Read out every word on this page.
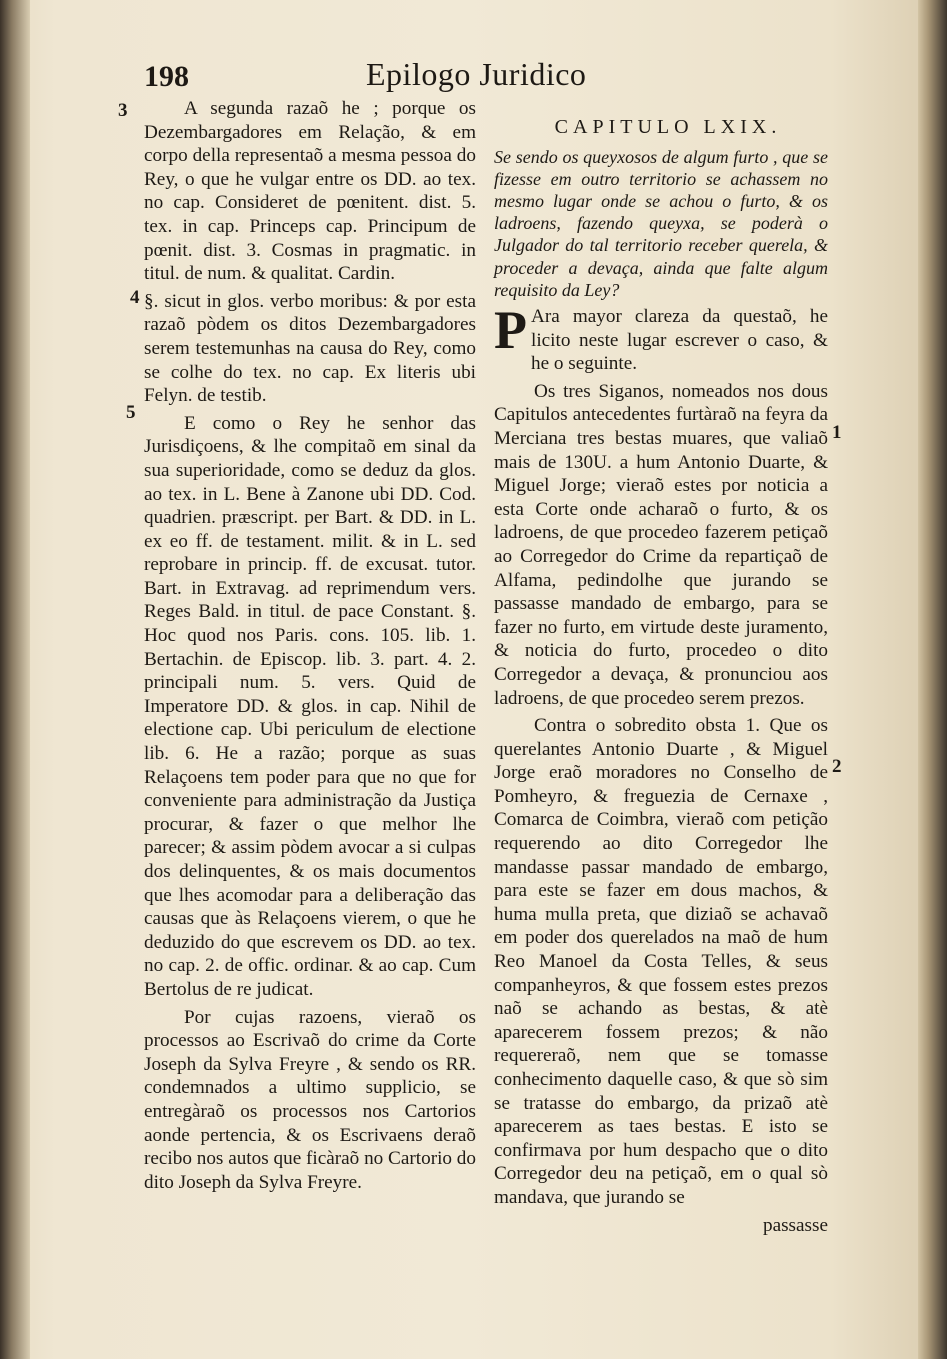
198	Epilogo Juridico
3
4
5
1
2

A segunda razaõ he ; porque os Dezembargadores em Relação, & em corpo della representaõ a mesma pessoa do Rey, o que he vulgar entre os DD. ao tex. no cap. Consideret de pœnitent. dist. 5. tex. in cap. Princeps cap. Principum de pœnit. dist. 3. Cosmas in pragmatic. in titul. de num. & qualitat. Cardin.

§. sicut in glos. verbo moribus: & por esta razaõ pòdem os ditos Dezembargadores serem testemunhas na causa do Rey, como se colhe do tex. no cap. Ex literis ubi Felyn. de testib.

E como o Rey he senhor das Jurisdiçoens, & lhe compitaõ em sinal da sua superioridade, como se deduz da glos. ao tex. in L. Bene à Zanone ubi DD. Cod. quadrien. præscript. per Bart. & DD. in L. ex eo ff. de testament. milit. & in L. sed reprobare in princip. ff. de excusat. tutor. Bart. in Extravag. ad reprimendum vers. Reges Bald. in titul. de pace Constant. §. Hoc quod nos Paris. cons. 105. lib. 1. Bertachin. de Episcop. lib. 3. part. 4. 2. principali num. 5. vers. Quid de Imperatore DD. & glos. in cap. Nihil de electione cap. Ubi periculum de electione lib. 6. He a razão; porque as suas Relaçoens tem poder para que no que for conveniente para administração da Justiça procurar, & fazer o que melhor lhe parecer; & assim pòdem avocar a si culpas dos delinquentes, & os mais documentos que lhes acomodar para a deliberação das causas que às Relaçoens vierem, o que he deduzido do que escrevem os DD. ao tex. no cap. 2. de offic. ordinar. & ao cap. Cum Bertolus de re judicat.

Por cujas razoens, vieraõ os processos ao Escrivaõ do crime da Corte Joseph da Sylva Freyre , & sendo os RR. condemnados a ultimo supplicio, se entregàraõ os processos nos Cartorios aonde pertencia, & os Escrivaens deraõ recibo nos autos que ficàraõ no Cartorio do dito Joseph da Sylva Freyre.

CAPITULO LXIX.

Se sendo os queyxosos de algum furto , que se fizesse em outro territorio se achassem no mesmo lugar onde se achou o furto, & os ladroens, fazendo queyxa, se poderà o Julgador do tal territorio receber querela, & proceder a devaça, ainda que falte algum requisito da Ley?

P Ara mayor clareza da questaõ, he licito neste lugar escrever o caso, & he o seguinte.

Os tres Siganos, nomeados nos dous Capitulos antecedentes furtàraõ na feyra da Merciana tres bestas muares, que valiaõ mais de 130U. a hum Antonio Duarte, & Miguel Jorge; vieraõ estes por noticia a esta Corte onde acharaõ o furto, & os ladroens, de que procedeo fazerem petiçaõ ao Corregedor do Crime da repartiçaõ de Alfama, pedindolhe que jurando se passasse mandado de embargo, para se fazer no furto, em virtude deste juramento, & noticia do furto, procedeo o dito Corregedor a devaça, & pronunciou aos ladroens, de que procedeo serem prezos.

Contra o sobredito obsta 1. Que os querelantes Antonio Duarte , & Miguel Jorge eraõ moradores no Conselho de Pomheyro, & freguezia de Cernaxe , Comarca de Coimbra, vieraõ com petição requerendo ao dito Corregedor lhe mandasse passar mandado de embargo, para este se fazer em dous machos, & huma mulla preta, que diziaõ se achavaõ em poder dos querelados na maõ de hum Reo Manoel da Costa Telles, & seus companheyros, & que fossem estes prezos naõ se achando as bestas, & atè aparecerem fossem prezos; & não requereraõ, nem que se tomasse conhecimento daquelle caso, & que sò sim se tratasse do embargo, da prizaõ atè aparecerem as taes bestas. E isto se confirmava por hum despacho que o dito Corregedor deu na petiçaõ, em o qual sò mandava, que jurando se

passasse
